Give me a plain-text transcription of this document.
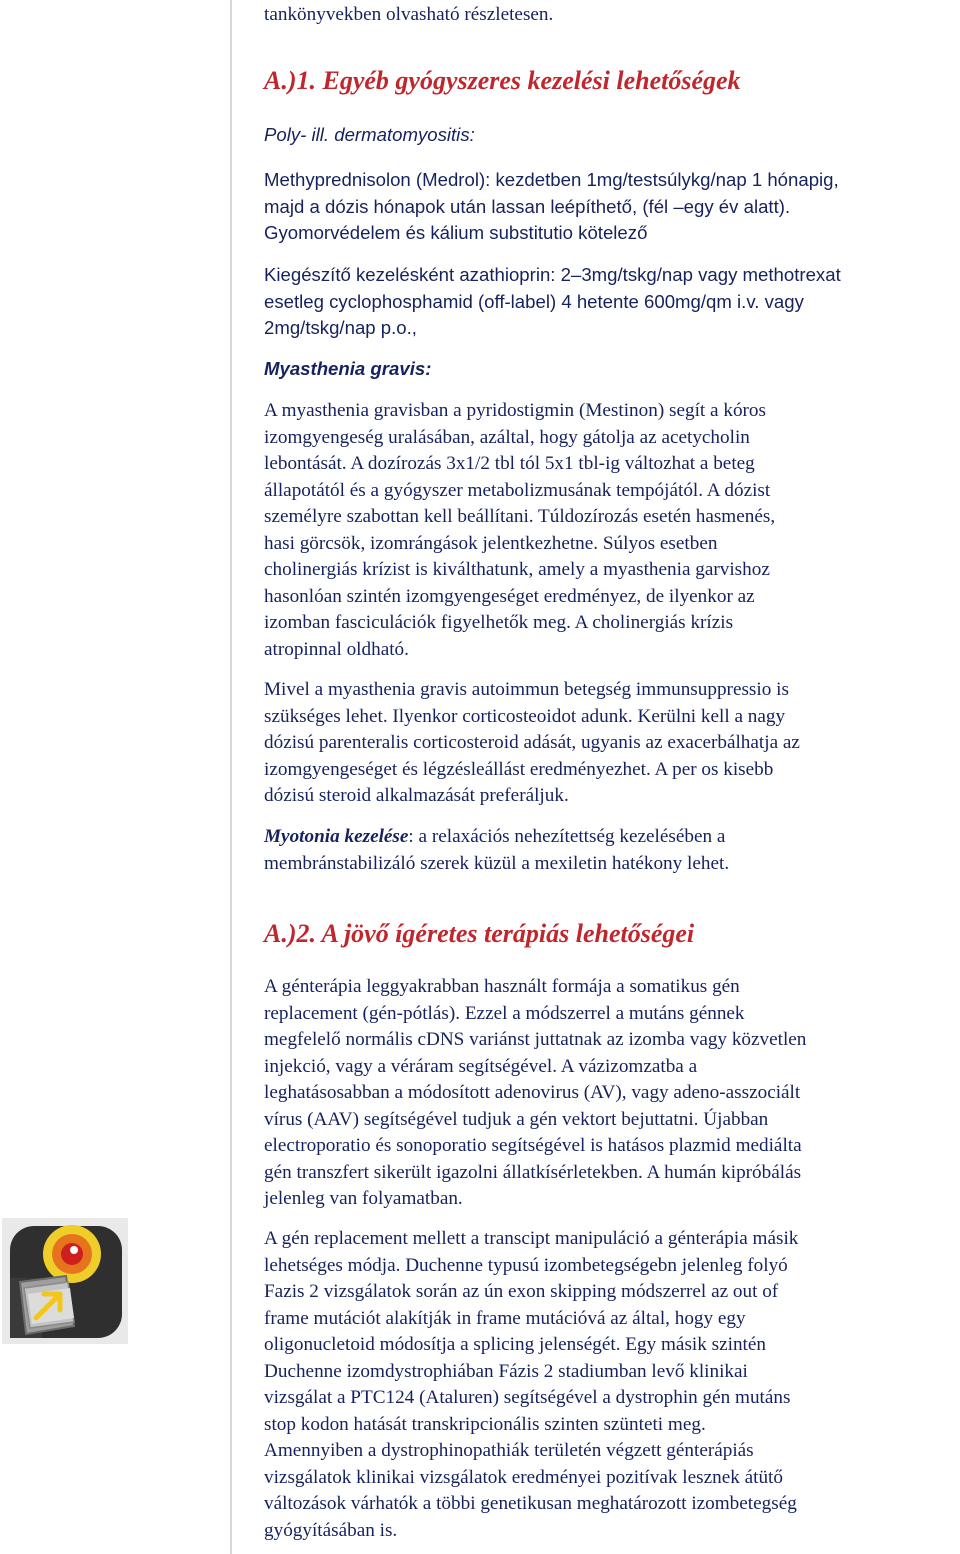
tankönyvekben olvasható részletesen.

A.)1. Egyéb gyógyszeres kezelési lehetőségek

Poly- ill. dermatomyositis:

Methyprednisolon (Medrol): kezdetben 1mg/testsúlykg/nap 1 hónapig,

majd a dózis hónapok után lassan leépíthető, (fél –egy év alatt).

Gyomorvédelem és kálium substitutio kötelező

Kiegészítő kezelésként azathioprin: 2–3mg/tskg/nap vagy methotrexat

esetleg cyclophosphamid (off-label) 4 hetente 600mg/qm i.v. vagy

2mg/tskg/nap p.o.,

Myasthenia gravis:

A myasthenia gravisban a pyridostigmin (Mestinon) segít a kóros

izomgyengeség uralásában, azáltal, hogy gátolja az acetycholin

lebontását. A dozírozás 3x1/2 tbl tól 5x1 tbl-ig változhat a beteg

állapotától és a gyógyszer metabolizmusának tempójától. A dózist

személyre szabottan kell beállítani. Túldozírozás esetén hasmenés,

hasi görcsök, izomrángások jelentkezhetne. Súlyos esetben

cholinergiás krízist is kiválthatunk, amely a myasthenia garvishoz

hasonlóan szintén izomgyengeséget eredményez, de ilyenkor az

izomban fasciculációk figyelhetők meg. A cholinergiás krízis

atropinnal oldható.

Mivel a myasthenia gravis autoimmun betegség immunsuppressio is

szükséges lehet. Ilyenkor corticosteoidot adunk. Kerülni kell a nagy

dózisú parenteralis corticosteroid adását, ugyanis az exacerbálhatja az

izomgyengeséget és légzésleállást eredményezhet. A per os kisebb

dózisú steroid alkalmazását preferáljuk.

Myotonia kezelése: a relaxációs nehezítettség kezelésében a

membránstabilizáló szerek küzül a mexiletin hatékony lehet.

A.)2. A jövő ígéretes terápiás lehetőségei

A génterápia leggyakrabban használt formája a somatikus gén

replacement (gén-pótlás). Ezzel a módszerrel a mutáns génnek

megfelelő normális cDNS variánst juttatnak az izomba vagy közvetlen

injekció, vagy a véráram segítségével. A vázizomzatba a

leghatásosabban a módosított adenovirus (AV), vagy adeno-asszociált

vírus (AAV) segítségével tudjuk a gén vektort bejuttatni. Újabban

electroporatio és sonoporatio segítségével is hatásos plazmid mediálta

gén transzfert sikerült igazolni állatkísérletekben. A humán kipróbálás

jelenleg van folyamatban.

A gén replacement mellett a transcipt manipuláció a génterápia másik

lehetséges módja. Duchenne typusú izombetegségebn jelenleg folyó

Fazis 2 vizsgálatok során az ún exon skipping módszerrel az out of

frame mutációt alakítják in frame mutációvá az által, hogy egy

oligonucletoid módosítja a splicing jelenségét. Egy másik szintén

Duchenne izomdystrophiában Fázis 2 stadiumban levő klinikai

vizsgálat a PTC124 (Ataluren) segítségével a dystrophin gén mutáns

stop kodon hatását transkripcionális szinten szünteti meg.

Amennyiben a dystrophinopathiák területén végzett génterápiás

vizsgálatok klinikai vizsgálatok eredményei pozitívak lesznek átütő

változások várhatók a többi genetikusan meghatározott izombetegség

gyógyításában is.
